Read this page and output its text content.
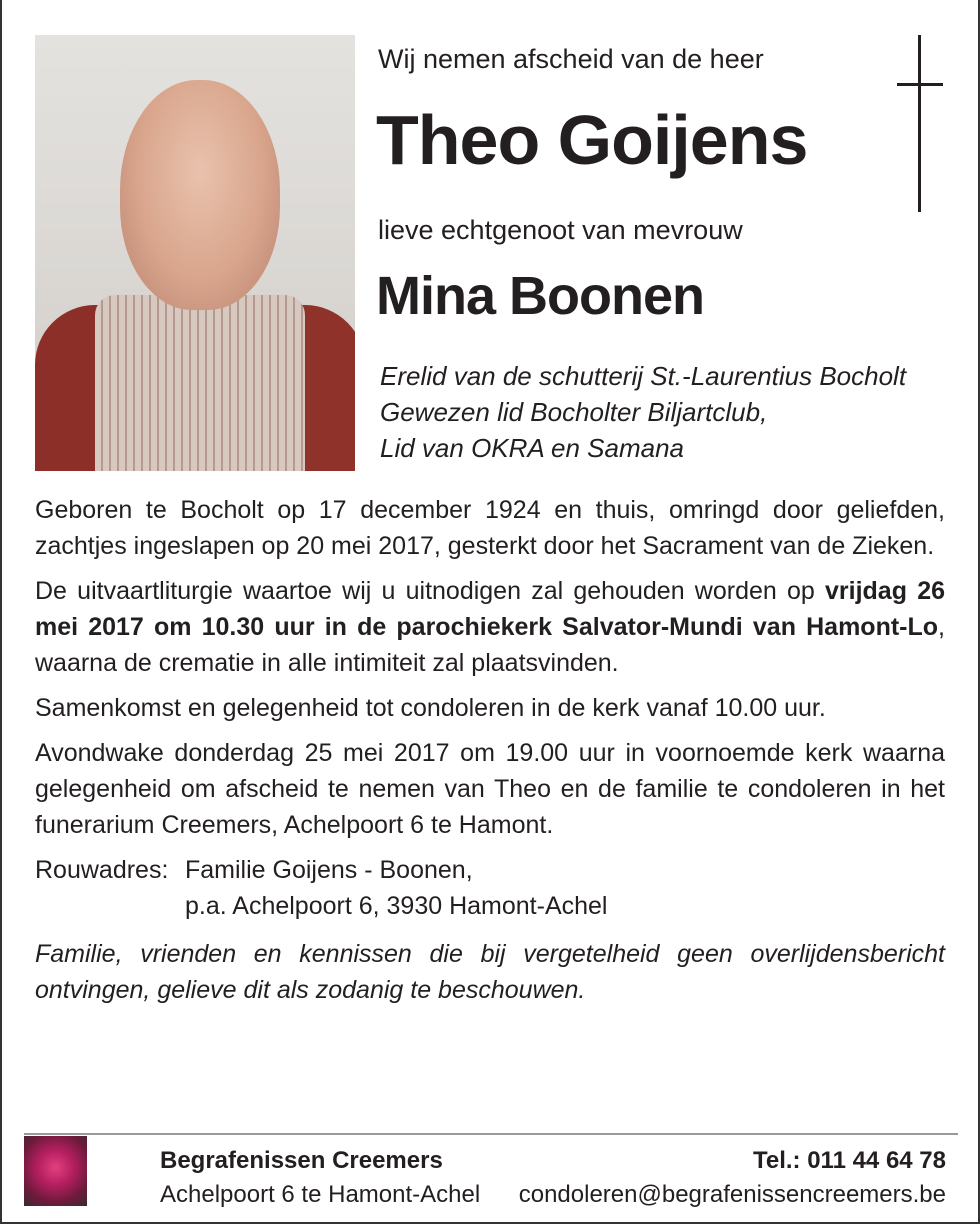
Wij nemen afscheid van de heer
Theo Goijens
lieve echtgenoot van mevrouw
Mina Boonen
Erelid van de schutterij St.-Laurentius Bocholt
Gewezen lid Bocholter Biljartclub,
Lid van OKRA en Samana

Geboren te Bocholt op 17 december 1924 en thuis, omringd door geliefden, zachtjes ingeslapen op 20 mei 2017, gesterkt door het Sacrament van de Zieken.

De uitvaartliturgie waartoe wij u uitnodigen zal gehouden worden op vrijdag 26 mei 2017 om 10.30 uur in de parochiekerk Salvator-Mundi van Hamont-Lo, waarna de crematie in alle intimiteit zal plaatsvinden.

Samenkomst en gelegenheid tot condoleren in de kerk vanaf 10.00 uur.

Avondwake donderdag 25 mei 2017 om 19.00 uur in voornoemde kerk waarna gelegenheid om afscheid te nemen van Theo en de familie te condoleren in het funerarium Creemers, Achelpoort 6 te Hamont.

Rouwadres: Familie Goijens - Boonen,
p.a. Achelpoort 6, 3930 Hamont-Achel

Familie, vrienden en kennissen die bij vergetelheid geen overlijdensbericht ontvingen, gelieve dit als zodanig te beschouwen.

Begrafenissen Creemers
Achelpoort 6 te Hamont-Achel
Tel.: 011 44 64 78
condoleren@begrafenissencreemers.be
